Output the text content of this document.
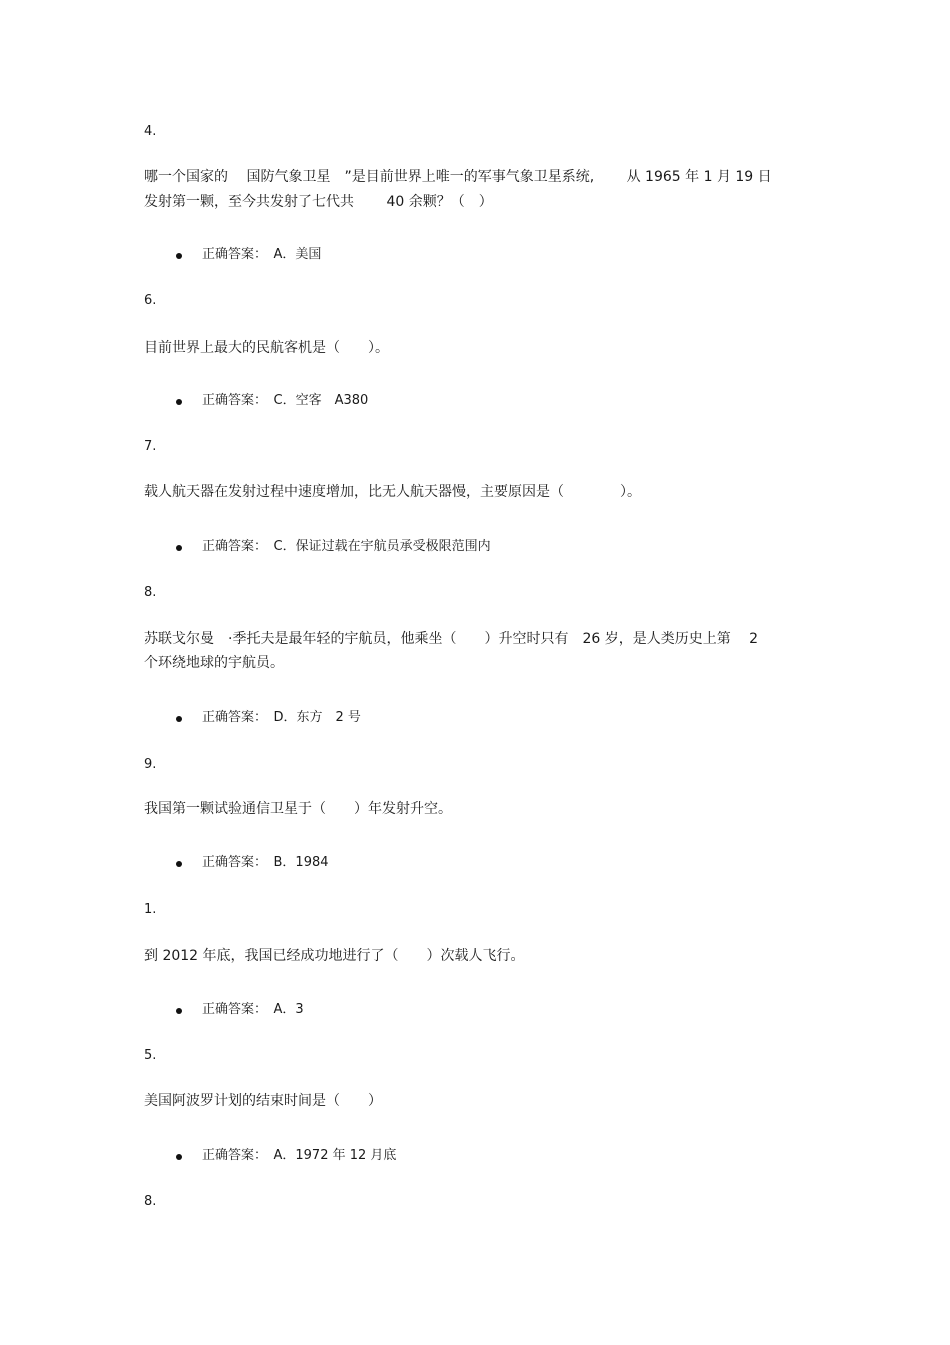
4.
哪一个国家的　 国防气象卫星　”是目前世界上唯一的军事气象卫星系统,　　 从 1965 年 1 月 19 日
发射第一颗，至今共发射了七代共　　 40 余颗？（　）
正确答案：　A．美国
6.
目前世界上最大的民航客机是（　　）。
正确答案：　C．空客　A380
7.
载人航天器在发射过程中速度增加，比无人航天器慢，主要原因是（　　　　）。
正确答案：　C．保证过载在宇航员承受极限范围内
8.
苏联戈尔曼　·季托夫是最年轻的宇航员，他乘坐（　　）升空时只有　26 岁，是人类历史上第　 2
个环绕地球的宇航员。
正确答案：　D．东方　2 号
9.
我国第一颗试验通信卫星于（　　）年发射升空。
正确答案：　B．1984
1.
到 2012 年底，我国已经成功地进行了（　　）次载人飞行。
正确答案：　A．3
5.
美国阿波罗计划的结束时间是（　　）
正确答案：　A．1972 年 12 月底
8.
